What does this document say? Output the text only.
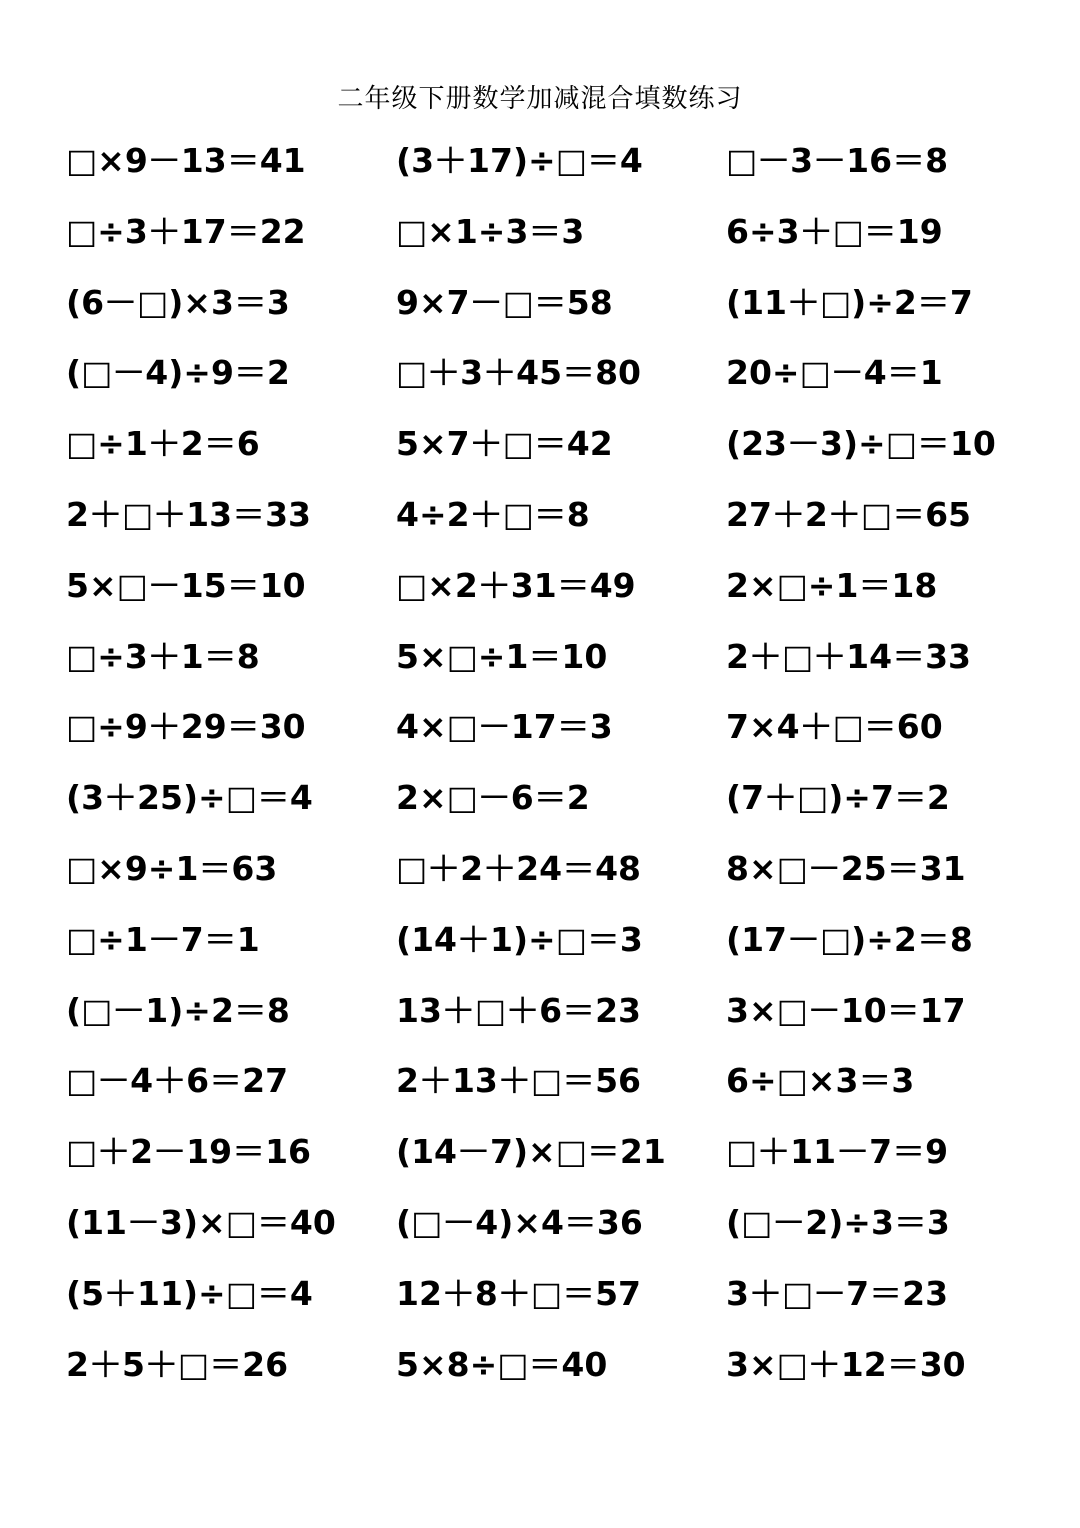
二年级下册数学加减混合填数练习
□×9－13＝41	(3＋17)÷□＝4	□－3－16＝8
□÷3＋17＝22	□×1÷3＝3	6÷3＋□＝19
(6－□)×3＝3	9×7－□＝58	(11＋□)÷2＝7
(□－4)÷9＝2	□＋3＋45＝80	20÷□－4＝1
□÷1＋2＝6	5×7＋□＝42	(23－3)÷□＝10
2＋□＋13＝33	4÷2＋□＝8	27＋2＋□＝65
5×□－15＝10	□×2＋31＝49	2×□÷1＝18
□÷3＋1＝8	5×□÷1＝10	2＋□＋14＝33
□÷9＋29＝30	4×□－17＝3	7×4＋□＝60
(3＋25)÷□＝4	2×□－6＝2	(7＋□)÷7＝2
□×9÷1＝63	□＋2＋24＝48	8×□－25＝31
□÷1－7＝1	(14＋1)÷□＝3	(17－□)÷2＝8
(□－1)÷2＝8	13＋□＋6＝23	3×□－10＝17
□－4＋6＝27	2＋13＋□＝56	6÷□×3＝3
□＋2－19＝16	(14－7)×□＝21	□＋11－7＝9
(11－3)×□＝40	(□－4)×4＝36	(□－2)÷3＝3
(5＋11)÷□＝4	12＋8＋□＝57	3＋□－7＝23
2＋5＋□＝26	5×8÷□＝40	3×□＋12＝30
